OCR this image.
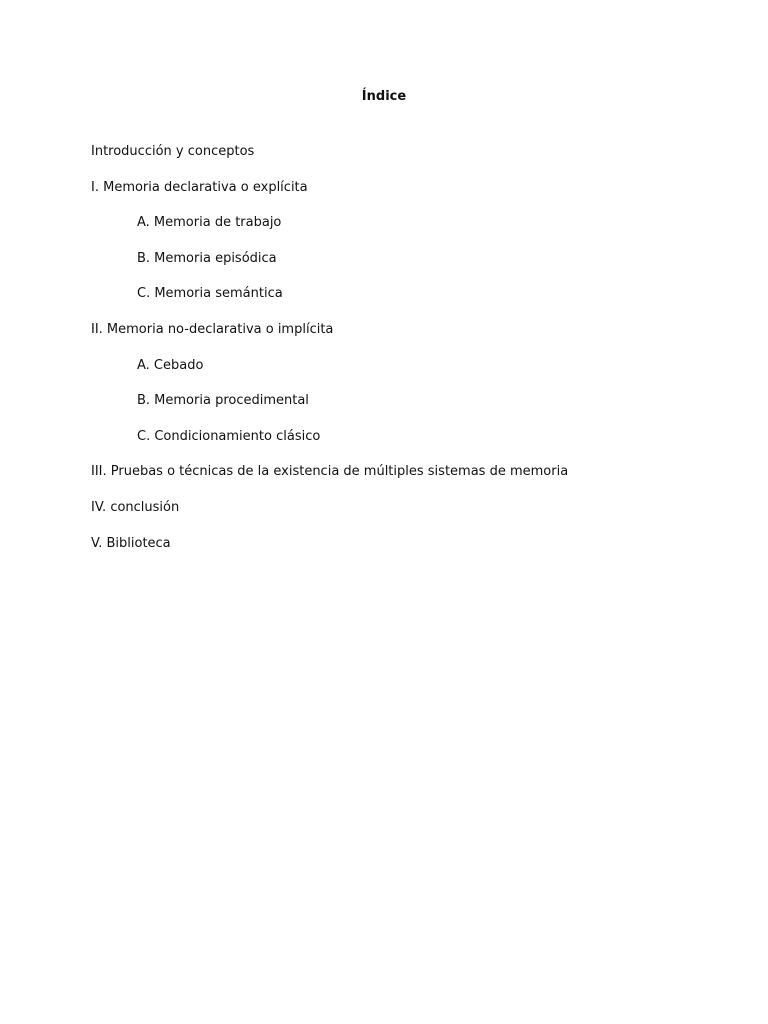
Índice
Introducción y conceptos
I. Memoria declarativa o explícita
A. Memoria de trabajo
B. Memoria episódica
C. Memoria semántica
II. Memoria no-declarativa o implícita
A. Cebado
B. Memoria procedimental
C. Condicionamiento clásico
III. Pruebas o técnicas de la existencia de múltiples sistemas de memoria
IV. conclusión
V. Biblioteca
